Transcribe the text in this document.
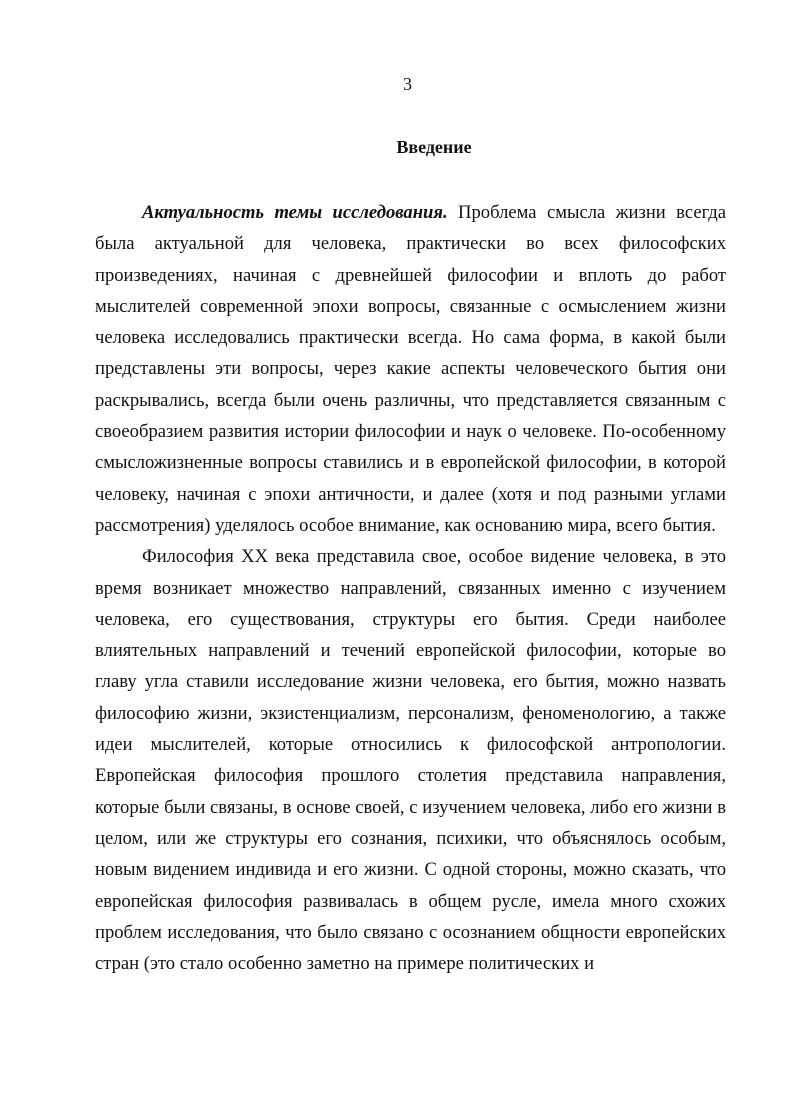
3
Введение

Актуальность темы исследования. Проблема смысла жизни всегда была актуальной для человека, практически во всех философских произведениях, начиная с древнейшей философии и вплоть до работ мыслителей современной эпохи вопросы, связанные с осмыслением жизни человека исследовались практически всегда. Но сама форма, в какой были представлены эти вопросы, через какие аспекты человеческого бытия они раскрывались, всегда были очень различны, что представляется связанным с своеобразием развития истории философии и наук о человеке. По-особенному смысложизненные вопросы ставились и в европейской философии, в которой человеку, начиная с эпохи античности, и далее (хотя и под разными углами рассмотрения) уделялось особое внимание, как основанию мира, всего бытия.

Философия XX века представила свое, особое видение человека, в это время возникает множество направлений, связанных именно с изучением человека, его существования, структуры его бытия. Среди наиболее влиятельных направлений и течений европейской философии, которые во главу угла ставили исследование жизни человека, его бытия, можно назвать философию жизни, экзистенциализм, персонализм, феноменологию, а также идеи мыслителей, которые относились к философской антропологии. Европейская философия прошлого столетия представила направления, которые были связаны, в основе своей, с изучением человека, либо его жизни в целом, или же структуры его сознания, психики, что объяснялось особым, новым видением индивида и его жизни. С одной стороны, можно сказать, что европейская философия развивалась в общем русле, имела много схожих проблем исследования, что было связано с осознанием общности европейских стран (это стало особенно заметно на примере политических и
